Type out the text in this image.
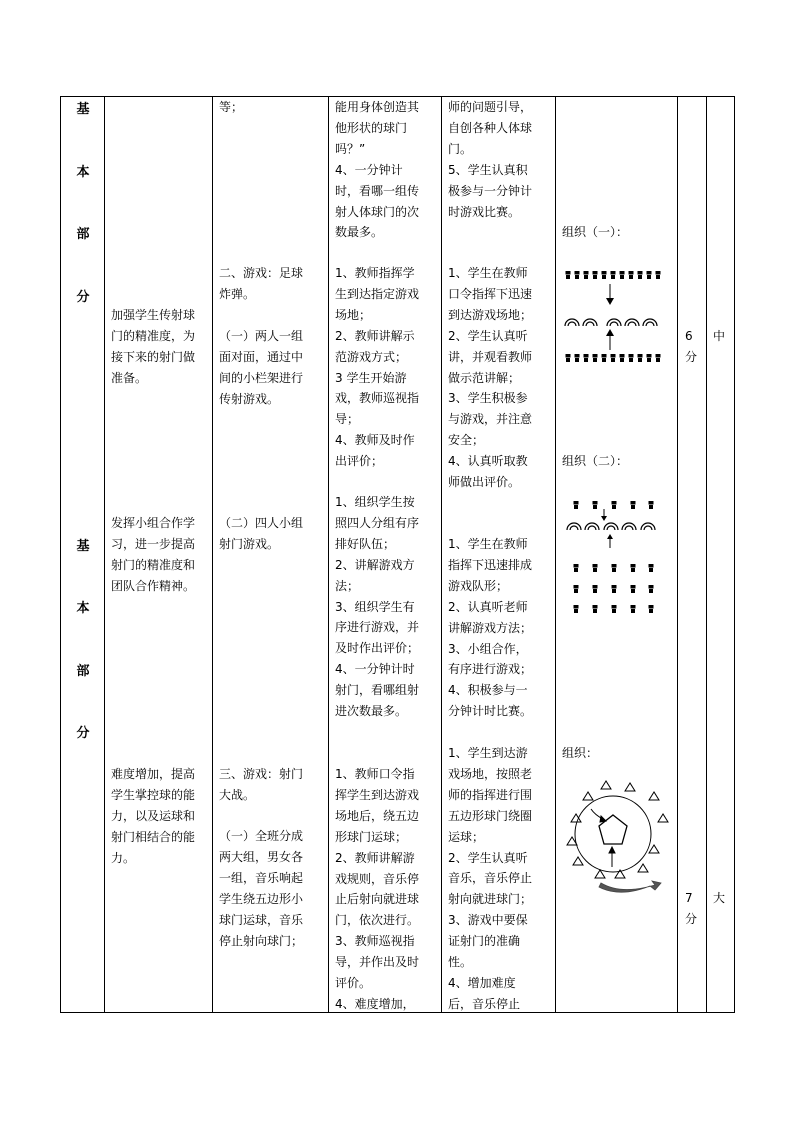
基
本
部
分
基
本
部
分
加强学生传射球
门的精准度，为
接下来的射门做
准备。
发挥小组合作学
习，进一步提高
射门的精准度和
团队合作精神。
难度增加，提高
学生掌控球的能
力，以及运球和
射门相结合的能
力。
等；
二、游戏：足球
炸弹。
（一）两人一组
面对面，通过中
间的小栏架进行
传射游戏。
（二）四人小组
射门游戏。
三、游戏：射门
大战。
（一）全班分成
两大组，男女各
一组，音乐响起
学生绕五边形小
球门运球，音乐
停止射向球门；
能用身体创造其
他形状的球门
吗？”
4、一分钟计
时，看哪一组传
射人体球门的次
数最多。
1、教师指挥学
生到达指定游戏
场地；
2、教师讲解示
范游戏方式；
3 学生开始游
戏，教师巡视指
导；
4、教师及时作
出评价；
1、组织学生按
照四人分组有序
排好队伍；
2、讲解游戏方
法；
3、组织学生有
序进行游戏，并
及时作出评价；
4、一分钟计时
射门，看哪组射
进次数最多。
1、教师口令指
挥学生到达游戏
场地后，绕五边
形球门运球；
2、教师讲解游
戏规则，音乐停
止后射向就进球
门，依次进行。
3、教师巡视指
导，并作出及时
评价。
4、难度增加，
师的问题引导，
自创各种人体球
门。
5、学生认真积
极参与一分钟计
时游戏比赛。
1、学生在教师
口令指挥下迅速
到达游戏场地；
2、学生认真听
讲，并观看教师
做示范讲解；
3、学生积极参
与游戏，并注意
安全；
4、认真听取教
师做出评价。
1、学生在教师
指挥下迅速排成
游戏队形；
2、认真听老师
讲解游戏方法；
3、小组合作，
有序进行游戏；
4、积极参与一
分钟计时比赛。
1、学生到达游
戏场地，按照老
师的指挥进行围
五边形球门绕圈
运球；
2、学生认真听
音乐，音乐停止
射向就进球门；
3、游戏中要保
证射门的准确
性。
4、增加难度
后，音乐停止
组织（一）：
组织（二）：
组织：
6
分
7
分
中
大
